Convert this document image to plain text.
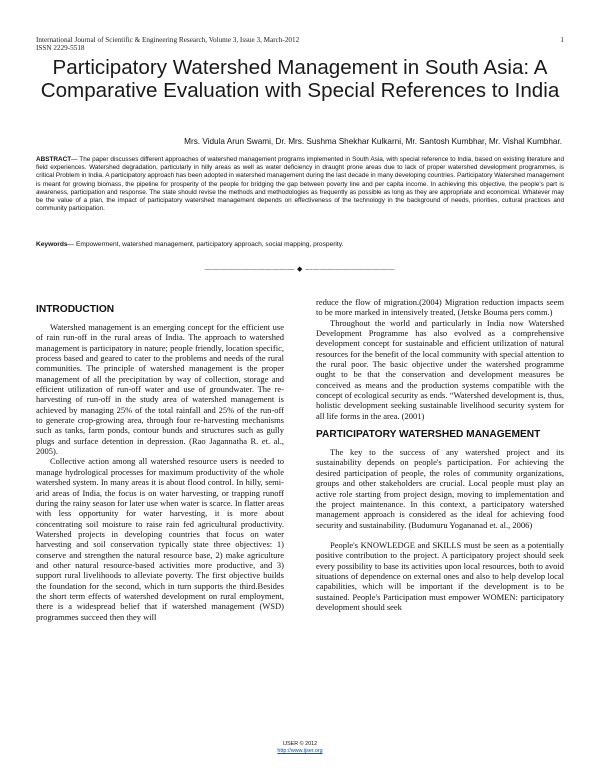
International Journal of Scientific & Engineering Research, Volume 3, Issue 3, March-2012	1
ISSN 2229-5518
Participatory Watershed Management in South Asia: A Comparative Evaluation with Special References to India
Mrs. Vidula Arun Swami, Dr. Mrs. Sushma Shekhar Kulkarni, Mr. Santosh Kumbhar, Mr. Vishal Kumbhar.
ABSTRACT— The paper discusses different approaches of watershed management programs implemented in South Asia, with special reference to India, based on existing literature and field experiences. Watershed degradation, particularly in hilly areas as well as water deficiency in draught prone areas due to lack of proper watershed development programmes, is critical Problem in India. A participatory approach has been adopted in watershed management during the last decade in many developing countries. Participatory Watershed management is meant for growing biomass, the pipeline for prosperity of the people for bridging the gap between poverty line and per capita income. In achieving this objective, the people's part is awareness, participation and response. The state should revise the methods and methodologies as frequently as possible as long as they are appropriate and economical. Whatever may be the value of a plan, the impact of participatory watershed management depends on effectiveness of the technology in the background of needs, priorities, cultural practices and community participation.
Keywords— Empowerment, watershed management, participatory approach, social mapping, prosperity.
———————————— ◆ ————————————
INTRODUCTION

Watershed management is an emerging concept for the efficient use of rain run-off in the rural areas of India. The approach to watershed management is participatory in nature; people friendly, location specific, process based and geared to cater to the problems and needs of the rural communities. The principle of watershed management is the proper management of all the precipitation by way of collection, storage and efficient utilization of run-off water and use of groundwater. The re-harvesting of run-off in the study area of watershed management is achieved by managing 25% of the total rainfall and 25% of the run-off to generate crop-growing area, through four re-harvesting mechanisms such as tanks, farm ponds, contour bunds and structures such as gully plugs and surface detention in depression. (Rao Jagannatha R. et. al., 2005).

Collective action among all watershed resource users is needed to manage hydrological processes for maximum productivity of the whole watershed system. In many areas it is about flood control. In hilly, semi-arid areas of India, the focus is on water harvesting, or trapping runoff during the rainy season for later use when water is scarce. In flatter areas with less opportunity for water harvesting, it is more about concentrating soil moisture to raise rain fed agricultural productivity. Watershed projects in developing countries that focus on water harvesting and soil conservation typically state three objectives: 1) conserve and strengthen the natural resource base, 2) make agriculture and other natural resource-based activities more productive, and 3) support rural livelihoods to alleviate poverty. The first objective builds the foundation for the second, which in turn supports the third.Besides the short term effects of watershed development on rural employment, there is a widespread belief that if watershed management (WSD) programmes succeed then they will

reduce the flow of migration.(2004) Migration reduction impacts seem to be more marked in intensively treated, (Jetske Bouma pers comm.)

Throughout the world and particularly in India now Watershed Development Programme has also evolved as a comprehensive development concept for sustainable and efficient utilization of natural resources for the benefit of the local community with special attention to the rural poor. The basic objective under the watershed programme ought to be that the conservation and development measures be conceived as means and the production systems compatible with the concept of ecological security as ends. “Watershed development is, thus, holistic development seeking sustainable livelihood security system for all life forms in the area. (2001)

PARTICIPATORY WATERSHED MANAGEMENT

The key to the success of any watershed project and its sustainability depends on people's participation. For achieving the desired participation of people, the roles of community organizations, groups and other stakeholders are crucial. Local people must play an active role starting from project design, moving to implementation and the project maintenance. In this context, a participatory watershed management approach is considered as the ideal for achieving food security and sustainability. (Budumuru Yogananad et. al., 2006)

People's KNOWLEDGE and SKILLS must be seen as a potentially positive contribution to the project. A participatory project should seek every possibility to base its activities upon local resources, both to avoid situations of dependence on external ones and also to help develop local capabilities, which will be important if the development is to be sustained. People's Participation must empower WOMEN: participatory development should seek

IJSER © 2012
http://www.ijser.org
